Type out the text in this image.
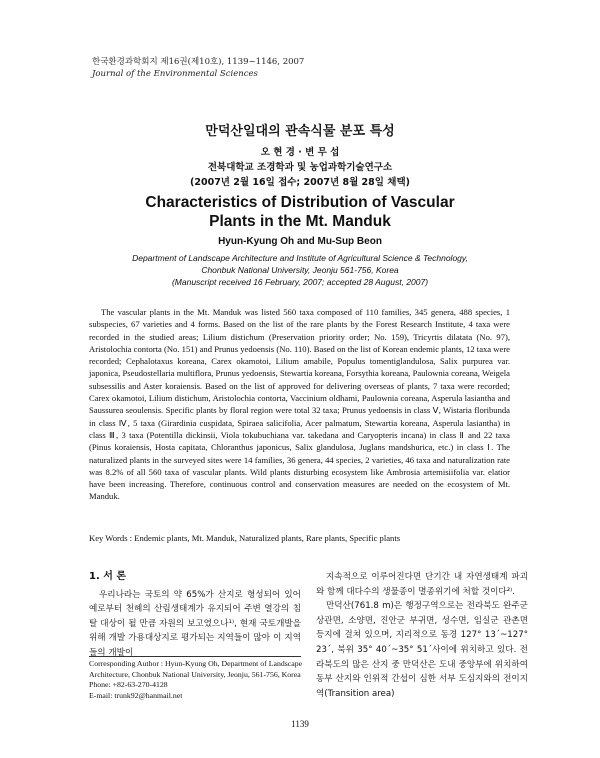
한국환경과학회지 제16권(제10호), 1139~1146, 2007
Journal of the Environmental Sciences
만덕산일대의 관속식물 분포 특성
오 현 경 · 변 무 섭
전북대학교 조경학과 및 농업과학기술연구소
(2007년 2월 16일 접수; 2007년 8월 28일 채택)
Characteristics of Distribution of Vascular
Plants in the Mt. Manduk
Hyun-Kyung Oh and Mu-Sup Beon
Department of Landscape Architecture and Institute of Agricultural Science & Technology,
Chonbuk National University, Jeonju 561-756, Korea
(Manuscript received 16 February, 2007; accepted 28 August, 2007)

The vascular plants in the Mt. Manduk was listed 560 taxa composed of 110 families, 345 genera, 488 species, 1 subspecies, 67 varieties and 4 forms. Based on the list of the rare plants by the Forest Research Institute, 4 taxa were recorded in the studied areas; Lilium distichum (Preservation priority order; No. 159), Tricyrtis dilatata (No. 97), Aristolochia contorta (No. 151) and Prunus yedoensis (No. 110). Based on the list of Korean endemic plants, 12 taxa were recorded; Cephalotaxus koreana, Carex okamotoi, Lilium amabile, Populus tomentiglandulosa, Salix purpurea var. japonica, Pseudostellaria multiflora, Prunus yedoensis, Stewartia koreana, Forsythia koreana, Paulownia coreana, Weigela subsessilis and Aster koraiensis. Based on the list of approved for delivering overseas of plants, 7 taxa were recorded; Carex okamotoi, Lilium distichum, Aristolochia contorta, Vaccinium oldhami, Paulownia coreana, Asperula lasiantha and Saussurea seoulensis. Specific plants by floral region were total 32 taxa; Prunus yedoensis in class Ⅴ, Wistaria floribunda in class Ⅳ, 5 taxa (Girardinia cuspidata, Spiraea salicifolia, Acer palmatum, Stewartia koreana, Asperula lasiantha) in class Ⅲ, 3 taxa (Potentilla dickinsii, Viola tokubuchiana var. takedana and Caryopteris incana) in class Ⅱ and 22 taxa (Pinus koraiensis, Hosta capitata, Chloranthus japonicus, Salix glandulosa, Juglans mandshurica, etc.) in class Ⅰ. The naturalized plants in the surveyed sites were 14 families, 36 genera, 44 species, 2 varieties, 46 taxa and naturalization rate was 8.2% of all 560 taxa of vascular plants. Wild plants disturbing ecosystem like Ambrosia artemisiifolia var. elatior have been increasing. Therefore, continuous control and conservation measures are needed on the ecosystem of Mt. Manduk.

Key Words : Endemic plants, Mt. Manduk, Naturalized plants, Rare plants, Specific plants
1. 서 론
우리나라는 국토의 약 65%가 산지로 형성되어 있어 예로부터 천혜의 산림생태계가 유지되어 주변 열강의 침탈 대상이 될 만큼 자원의 보고였으나¹⁾, 현재 국토개발을 위해 개발 가용대상지로 평가되는 지역들이 많아 이 지역들의 개발이
Corresponding Author : Hyun-Kyung Oh, Department of Landscape Architecture, Chonbuk National University, Jeonju, 561-756, Korea
Phone: +82-63-270-4128
E-mail: trunk92@hanmail.net
지속적으로 이루어진다면 단기간 내 자연생태계 파괴와 함께 대다수의 생물종이 멸종위기에 처할 것이다²⁾.
만덕산(761.8 m)은 행정구역으로는 전라북도 완주군 상관면, 소양면, 진안군 부귀면, 성수면, 임실군 관촌면 등지에 걸쳐 있으며, 지리적으로 동경 127° 13´~127° 23´, 북위 35° 40´~35° 51´사이에 위치하고 있다. 전라북도의 많은 산지 중 만덕산은 도내 중앙부에 위치하여 동부 산지와 인위적 간섭이 심한 서부 도심지와의 전이지역(Transition area)
1139
